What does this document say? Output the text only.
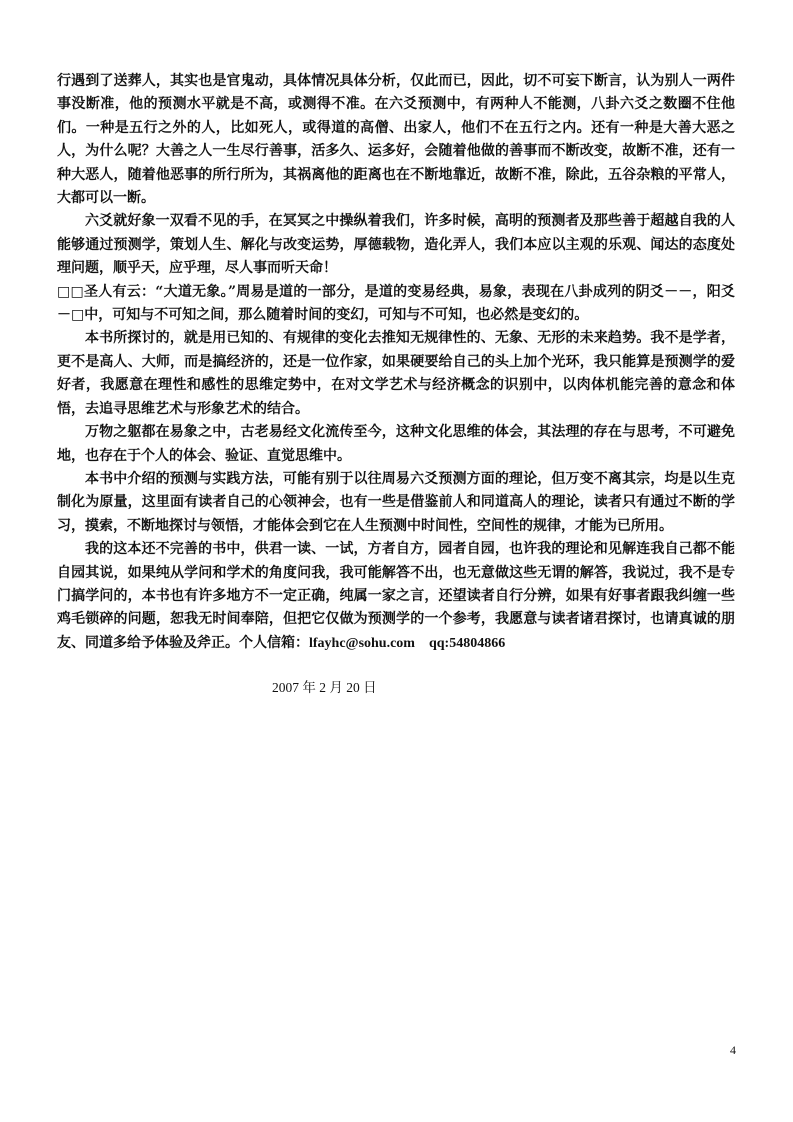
行遇到了送葬人，其实也是官鬼动，具体情况具体分析，仅此而已，因此，切不可妄下断言，认为别人一两件事没断准，他的预测水平就是不高，或测得不准。在六爻预测中，有两种人不能测，八卦六爻之数圈不住他们。一种是五行之外的人，比如死人，或得道的高僧、出家人，他们不在五行之内。还有一种是大善大恶之人，为什么呢？大善之人一生尽行善事，活多久、运多好，会随着他做的善事而不断改变，故断不准，还有一种大恶人，随着他恶事的所行所为，其祸离他的距离也在不断地靠近，故断不准，除此，五谷杂粮的平常人，大都可以一断。

六爻就好象一双看不见的手，在冥冥之中操纵着我们，许多时候，高明的预测者及那些善于超越自我的人能够通过预测学，策划人生、解化与改变运势，厚德载物，造化弄人，我们本应以主观的乐观、闻达的态度处理问题，顺乎天，应乎理，尽人事而听天命！

□□圣人有云：“大道无象。”周易是道的一部分，是道的变易经典，易象，表现在八卦成列的阴爻－－，阳爻－□中，可知与不可知之间，那么随着时间的变幻，可知与不可知，也必然是变幻的。

本书所探讨的，就是用已知的、有规律的变化去推知无规律性的、无象、无形的未来趋势。我不是学者，更不是高人、大师，而是搞经济的，还是一位作家，如果硬要给自己的头上加个光环，我只能算是预测学的爱好者，我愿意在理性和感性的思维定势中，在对文学艺术与经济概念的识别中，以肉体机能完善的意念和体悟，去追寻思维艺术与形象艺术的结合。

万物之躯都在易象之中，古老易经文化流传至今，这种文化思维的体会，其法理的存在与思考，不可避免地，也存在于个人的体会、验证、直觉思维中。

本书中介绍的预测与实践方法，可能有别于以往周易六爻预测方面的理论，但万变不离其宗，均是以生克制化为原量，这里面有读者自己的心领神会，也有一些是借鉴前人和同道高人的理论，读者只有通过不断的学习，摸索，不断地探讨与领悟，才能体会到它在人生预测中时间性，空间性的规律，才能为已所用。

我的这本还不完善的书中，供君一读、一试，方者自方，园者自园，也许我的理论和见解连我自己都不能自园其说，如果纯从学问和学术的角度问我，我可能解答不出，也无意做这些无谓的解答，我说过，我不是专门搞学问的，本书也有许多地方不一定正确，纯属一家之言，还望读者自行分辨，如果有好事者跟我纠缠一些鸡毛锁碎的问题，恕我无时间奉陪，但把它仅做为预测学的一个参考，我愿意与读者诸君探讨，也请真诚的朋友、同道多给予体验及斧正。个人信箱：lfayhc@sohu.com qq:54804866

2007 年 2 月 20 日
4
